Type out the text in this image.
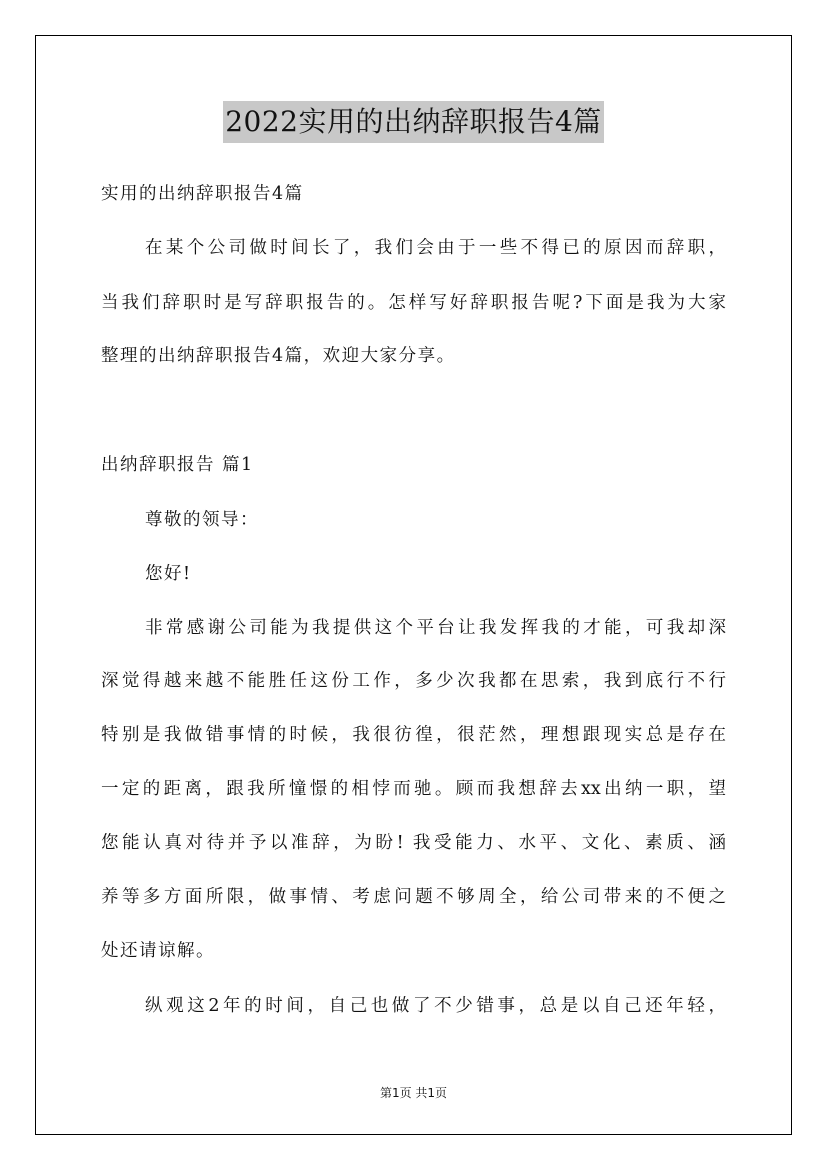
2022实用的出纳辞职报告4篇
实用的出纳辞职报告4篇
在某个公司做时间长了，我们会由于一些不得已的原因而辞职，
当我们辞职时是写辞职报告的。怎样写好辞职报告呢?下面是我为大家
整理的出纳辞职报告4篇，欢迎大家分享。
出纳辞职报告 篇1
尊敬的领导：
您好!
非常感谢公司能为我提供这个平台让我发挥我的才能，可我却深
深觉得越来越不能胜任这份工作，多少次我都在思索，我到底行不行
特别是我做错事情的时候，我很彷徨，很茫然，理想跟现实总是存在
一定的距离，跟我所憧憬的相悖而驰。顾而我想辞去xx出纳一职，望
您能认真对待并予以准辞，为盼! 我受能力、水平、文化、素质、涵
养等多方面所限，做事情、考虑问题不够周全，给公司带来的不便之
处还请谅解。
纵观这2年的时间，自己也做了不少错事，总是以自己还年轻，
第1页 共1页
